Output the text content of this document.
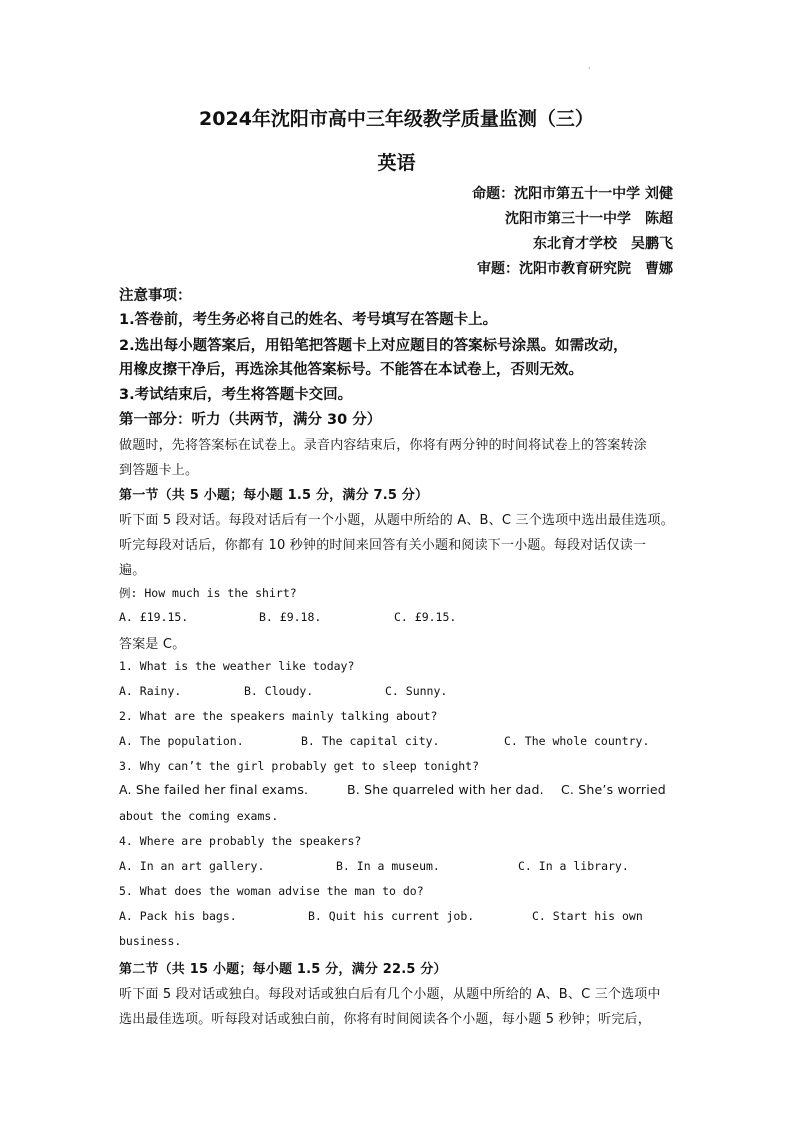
·
2024年沈阳市高中三年级教学质量监测（三）
英语
命题：沈阳市第五十一中学 刘健
沈阳市第三十一中学　陈超
东北育才学校　吴鹏飞
审题：沈阳市教育研究院　曹娜
注意事项：
1.答卷前，考生务必将自己的姓名、考号填写在答题卡上。
2.选出每小题答案后，用铅笔把答题卡上对应题目的答案标号涂黑。如需改动，
用橡皮擦干净后，再选涂其他答案标号。不能答在本试卷上，否则无效。
3.考试结束后，考生将答题卡交回。
第一部分：听力（共两节，满分 30 分）
做题时，先将答案标在试卷上。录音内容结束后，你将有两分钟的时间将试卷上的答案转涂
到答题卡上。
第一节（共 5 小题；每小题 1.5 分，满分 7.5 分）
听下面 5 段对话。每段对话后有一个小题，从题中所给的 A、B、C 三个选项中选出最佳选项。
听完每段对话后，你都有 10 秒钟的时间来回答有关小题和阅读下一小题。每段对话仅读一
遍。
例: How much is the shirt?
A. £19.15.	B. £9.18.	C. £9.15.
答案是 C。
1. What is the weather like today?
A. Rainy.	B. Cloudy.	C. Sunny.
2. What are the speakers mainly talking about?
A. The population.	B. The capital city.	C. The whole country.
3. Why can’t the girl probably get to sleep tonight?
A. She failed her final exams.	B. She quarreled with her dad. C. She’s worried
about the coming exams.
4. Where are probably the speakers?
A. In an art gallery.	B. In a museum.	C. In a library.
5. What does the woman advise the man to do?
A. Pack his bags.	B. Quit his current job.	C. Start his own
business.
第二节（共 15 小题；每小题 1.5 分，满分 22.5 分）
听下面 5 段对话或独白。每段对话或独白后有几个小题，从题中所给的 A、B、C 三个选项中
选出最佳选项。听每段对话或独白前，你将有时间阅读各个小题，每小题 5 秒钟；听完后，
